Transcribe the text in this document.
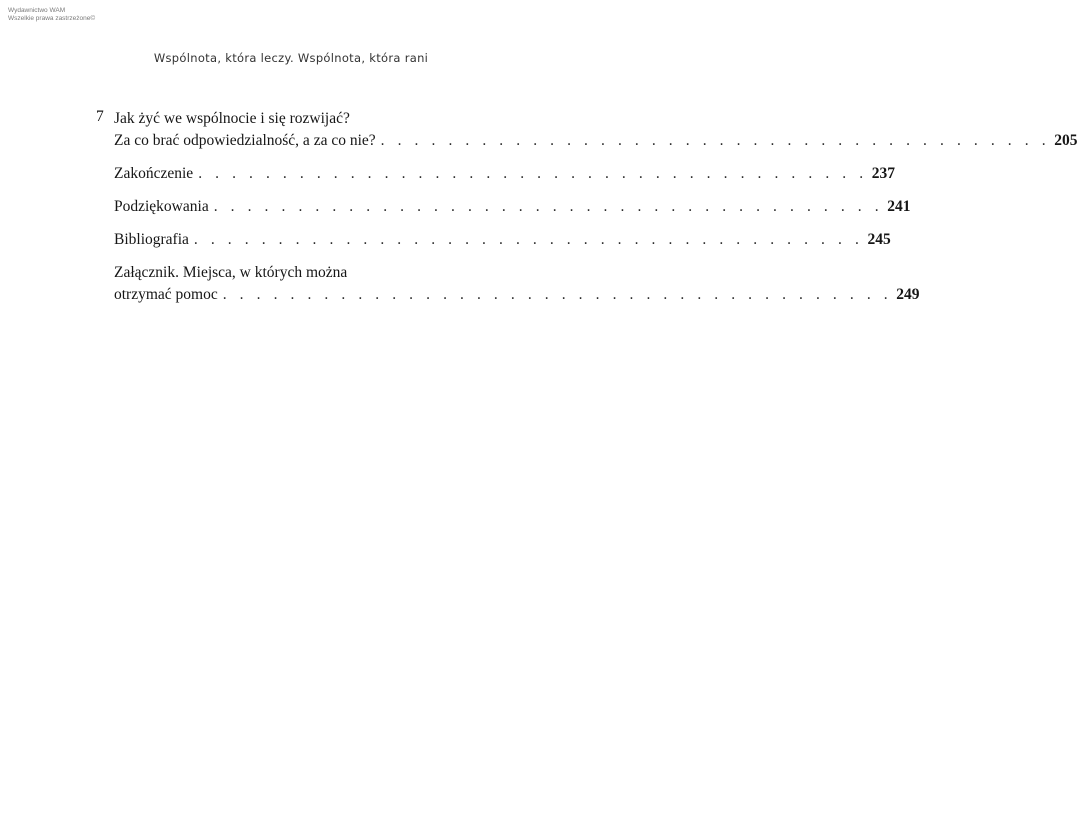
Wydawnictwo WAM
Wszelkie prawa zastrzeżone©
Wspólnota, która leczy. Wspólnota, która rani
7 Jak żyć we wspólnocie i się rozwijać?
Za co brać odpowiedzialność, a za co nie? . . . . . . . . . . . . . . . . . . . . . . . . . . . . . . . . . . . . . . . . 205
Zakończenie . . . . . . . . . . . . . . . . . . . . . . . . . . . . . . . . . . . . . . . . 237
Podziękowania . . . . . . . . . . . . . . . . . . . . . . . . . . . . . . . . . . . . . . . . 241
Bibliografia . . . . . . . . . . . . . . . . . . . . . . . . . . . . . . . . . . . . . . . . 245
Załącznik. Miejsca, w których można
otrzymać pomoc . . . . . . . . . . . . . . . . . . . . . . . . . . . . . . . . . . . . . . . . 249
